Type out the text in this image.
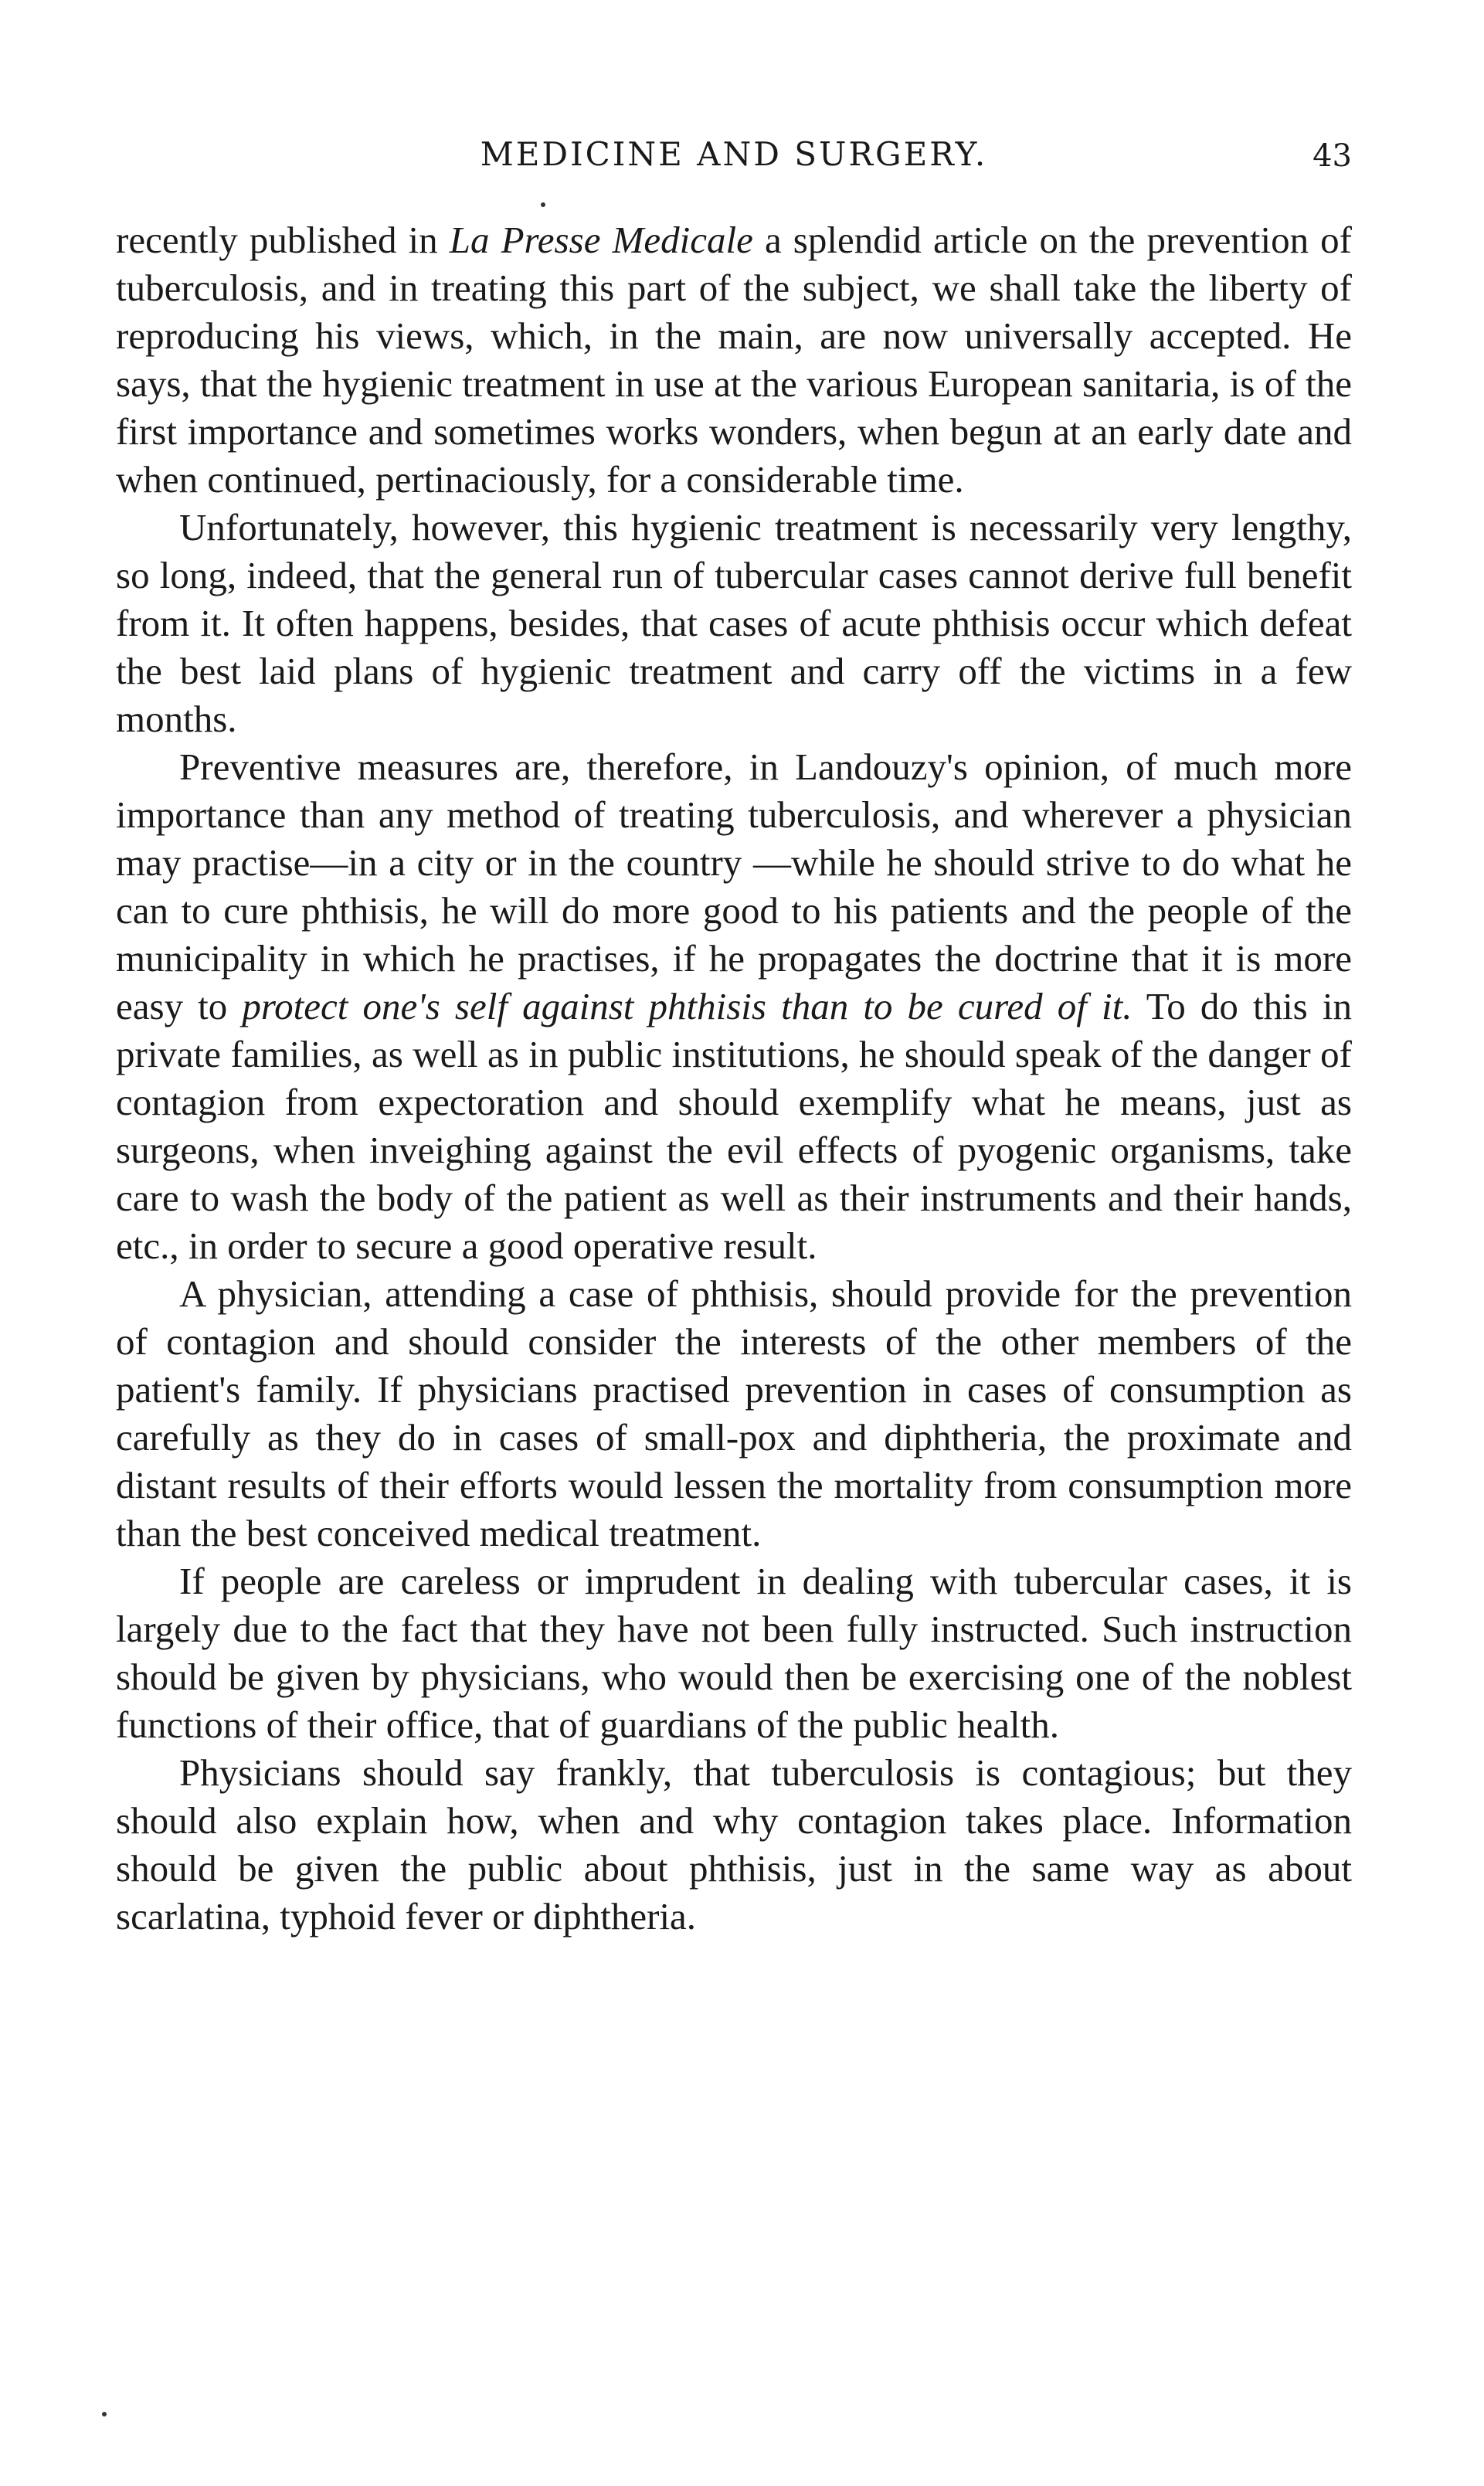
MEDICINE AND SURGERY.	43

recently published in La Presse Medicale a splendid article on the prevention of tuberculosis, and in treating this part of the subject, we shall take the liberty of reproducing his views, which, in the main, are now universally accepted. He says, that the hygienic treatment in use at the various European sanitaria, is of the first importance and sometimes works wonders, when begun at an early date and when continued, pertinaciously, for a considerable time.

Unfortunately, however, this hygienic treatment is necessarily very lengthy, so long, indeed, that the general run of tubercular cases cannot derive full benefit from it. It often happens, besides, that cases of acute phthisis occur which defeat the best laid plans of hygienic treatment and carry off the victims in a few months.

Preventive measures are, therefore, in Landouzy's opinion, of much more importance than any method of treating tuberculosis, and wherever a physician may practise—in a city or in the country —while he should strive to do what he can to cure phthisis, he will do more good to his patients and the people of the municipality in which he practises, if he propagates the doctrine that it is more easy to protect one's self against phthisis than to be cured of it. To do this in private families, as well as in public institutions, he should speak of the danger of contagion from expectoration and should exemplify what he means, just as surgeons, when inveighing against the evil effects of pyogenic organisms, take care to wash the body of the patient as well as their instruments and their hands, etc., in order to secure a good operative result.

A physician, attending a case of phthisis, should provide for the prevention of contagion and should consider the interests of the other members of the patient's family. If physicians practised prevention in cases of consumption as carefully as they do in cases of small-pox and diphtheria, the proximate and distant results of their efforts would lessen the mortality from consumption more than the best conceived medical treatment.

If people are careless or imprudent in dealing with tubercular cases, it is largely due to the fact that they have not been fully instructed. Such instruction should be given by physicians, who would then be exercising one of the noblest functions of their office, that of guardians of the public health.

Physicians should say frankly, that tuberculosis is contagious; but they should also explain how, when and why contagion takes place. Information should be given the public about phthisis, just in the same way as about scarlatina, typhoid fever or diphtheria.
